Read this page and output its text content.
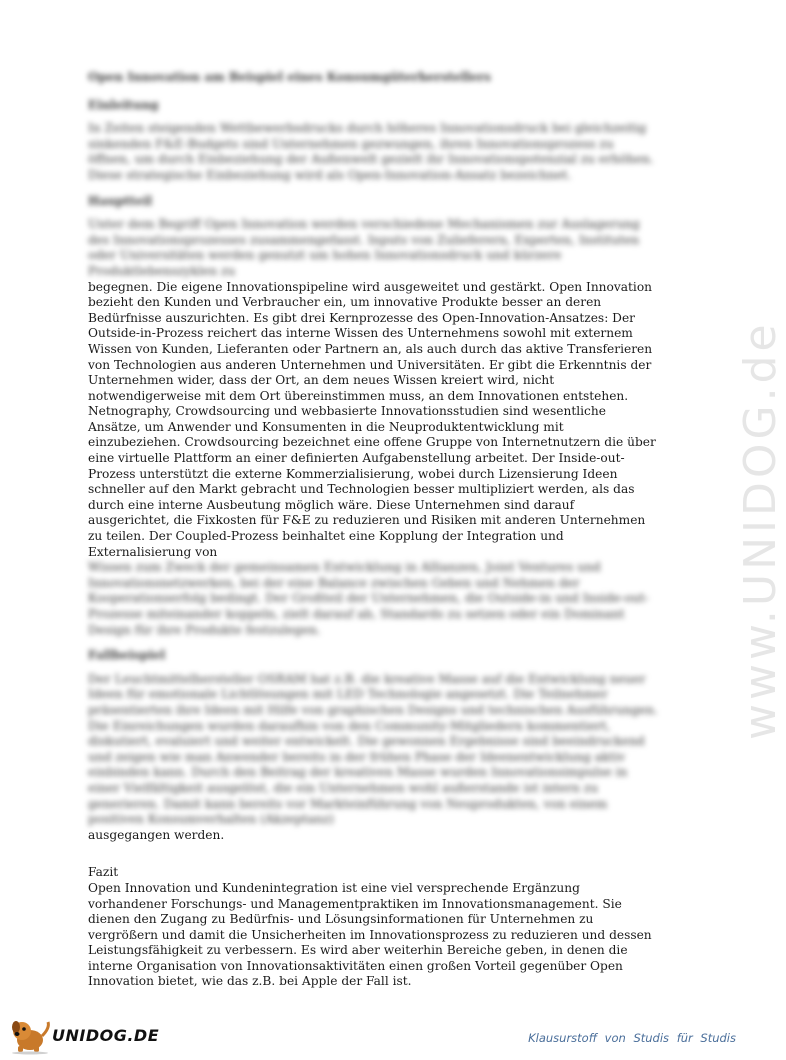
www.UNIDOG.de

Open Innovation am Beispiel eines Konsumgüterherstellers

Einleitung

In Zeiten steigenden Wettbewerbsdrucks durch höheres Innovationsdruck bei gleichzeitig sinkenden F&E-Budgets sind Unternehmen gezwungen, ihren Innovationsprozess zu öffnen, um durch Einbeziehung der Außenwelt gezielt ihr Innovationspotenzial zu erhöhen. Diese strategische Einbeziehung wird als Open-Innovation-Ansatz bezeichnet.

Hauptteil

Unter dem Begriff Open Innovation werden verschiedene Mechanismen zur Auslagerung des Innovationsprozesses zusammengefasst. Inputs von Zulieferern, Experten, Instituten oder Universitäten werden genutzt um hohen Innovationsdruck und kürzere Produktlebenszyklen zu

begegnen. Die eigene Innovationspipeline wird ausgeweitet und gestärkt. Open Innovation bezieht den Kunden und Verbraucher ein, um innovative Produkte besser an deren Bedürfnisse auszurichten. Es gibt drei Kernprozesse des Open-Innovation-Ansatzes: Der Outside-in-Prozess reichert das interne Wissen des Unternehmens sowohl mit externem Wissen von Kunden, Lieferanten oder Partnern an, als auch durch das aktive Transferieren von Technologien aus anderen Unternehmen und Universitäten. Er gibt die Erkenntnis der Unternehmen wider, dass der Ort, an dem neues Wissen kreiert wird, nicht notwendigerweise mit dem Ort übereinstimmen muss, an dem Innovationen entstehen. Netnography, Crowdsourcing und webbasierte Innovationsstudien sind wesentliche Ansätze, um Anwender und Konsumenten in die Neuproduktentwicklung mit einzubeziehen. Crowdsourcing bezeichnet eine offene Gruppe von Internetnutzern die über eine virtuelle Plattform an einer definierten Aufgabenstellung arbeitet. Der Inside-out-Prozess unterstützt die externe Kommerzialisierung, wobei durch Lizensierung Ideen schneller auf den Markt gebracht und Technologien besser multipliziert werden, als das durch eine interne Ausbeutung möglich wäre. Diese Unternehmen sind darauf ausgerichtet, die Fixkosten für F&E zu reduzieren und Risiken mit anderen Unternehmen zu teilen. Der Coupled-Prozess beinhaltet eine Kopplung der Integration und Externalisierung von

Wissen zum Zweck der gemeinsamen Entwicklung in Allianzen, Joint Ventures und Innovationsnetzwerken, bei der eine Balance zwischen Geben und Nehmen der Kooperationserfolg bedingt. Der Großteil der Unternehmen, die Outside-in und Inside-out-Prozesse miteinander koppeln, zielt darauf ab, Standards zu setzen oder ein Dominant Design für ihre Produkte festzulegen.

Fallbeispiel

Der Leuchtmittelhersteller OSRAM hat z.B. die kreative Masse auf die Entwicklung neuer Ideen für emotionale Lichtlösungen mit LED Technologie angesetzt. Die Teilnehmer präsentierten ihre Ideen mit Hilfe von graphischen Designs und technischen Ausführungen. Die Einreichungen wurden daraufhin von den Community-Mitgliedern kommentiert, diskutiert, evaluiert und weiter entwickelt. Die gewonnen Ergebnisse sind beeindruckend und zeigen wie man Anwender bereits in der frühen Phase der Ideenentwicklung aktiv einbinden kann. Durch den Beitrag der kreativen Masse wurden Innovationsimpulse in einer Vielfältigkeit ausgelöst, die ein Unternehmen wohl außerstande ist intern zu generieren. Damit kann bereits vor Markteinführung von Neuprodukten, von einem positiven Konsumverhalten (Akzeptanz)

ausgegangen werden.

Fazit

Open Innovation und Kundenintegration ist eine viel versprechende Ergänzung vorhandener Forschungs- und Managementpraktiken im Innovationsmanagement. Sie dienen den Zugang zu Bedürfnis- und Lösungsinformationen für Unternehmen zu vergrößern und damit die Unsicherheiten im Innovationsprozess zu reduzieren und dessen Leistungsfähigkeit zu verbessern. Es wird aber weiterhin Bereiche geben, in denen die interne Organisation von Innovationsaktivitäten einen großen Vorteil gegenüber Open Innovation bietet, wie das z.B. bei Apple der Fall ist.

UNIDOG.DE	Klausurstoff von Studis für Studis
